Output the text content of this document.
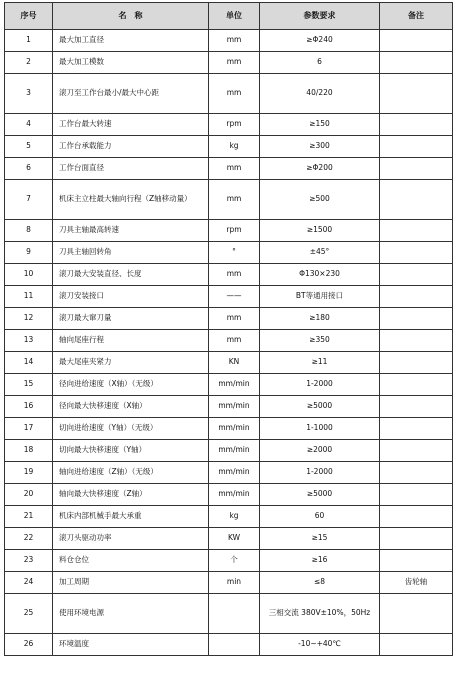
序号	名　称	单位	参数要求	备注
1	最大加工直径	mm	≥Φ240	
2	最大加工模数	mm	6	
3	滚刀至工作台最小/最大中心距	mm	40/220	
4	工作台最大转速	rpm	≥150	
5	工作台承载能力	kg	≥300	
6	工作台面直径	mm	≥Φ200	
7	机床主立柱最大轴向行程（Z轴移动量）	mm	≥500	
8	刀具主轴最高转速	rpm	≥1500	
9	刀具主轴回转角	°	±45°	
10	滚刀最大安装直径、长度	mm	Φ130×230	
11	滚刀安装接口	——	BT等通用接口	
12	滚刀最大窜刀量	mm	≥180	
13	轴向尾座行程	mm	≥350	
14	最大尾座夹紧力	KN	≥11	
15	径向进给速度（X轴）（无级）	mm/min	1-2000	
16	径向最大快移速度（X轴）	mm/min	≥5000	
17	切向进给速度（Y轴）（无级）	mm/min	1-1000	
18	切向最大快移速度（Y轴）	mm/min	≥2000	
19	轴向进给速度（Z轴）（无级）	mm/min	1-2000	
20	轴向最大快移速度（Z轴）	mm/min	≥5000	
21	机床内部机械手最大承重	kg	60	
22	滚刀头驱动功率	KW	≥15	
23	料仓仓位	个	≥16	
24	加工周期	min	≤8	齿轮轴
25	使用环境电源		三相交流 380V±10%，50Hz	
26	环境温度		-10~+40℃	
